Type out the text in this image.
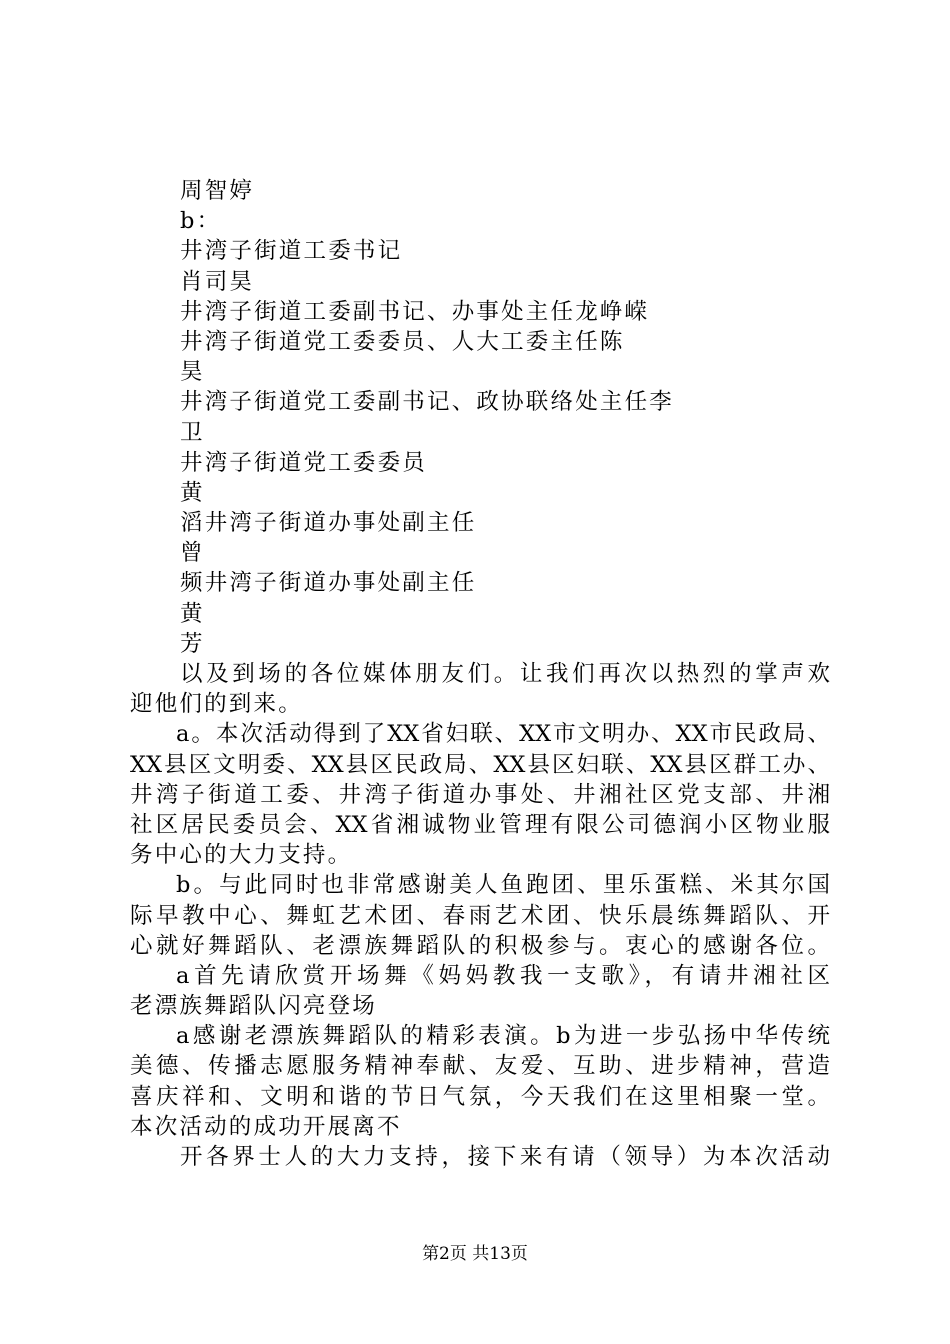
周智婷
b：
井湾子街道工委书记
肖司昊
井湾子街道工委副书记、办事处主任龙峥嵘
井湾子街道党工委委员、人大工委主任陈
昊
井湾子街道党工委副书记、政协联络处主任李
卫
井湾子街道党工委委员
黄
滔井湾子街道办事处副主任
曾
频井湾子街道办事处副主任
黄
芳
以及到场的各位媒体朋友们。让我们再次以热烈的掌声欢
迎他们的到来。
a。本次活动得到了XX省妇联、XX市文明办、XX市民政局、
XX县区文明委、XX县区民政局、XX县区妇联、XX县区群工办、
井湾子街道工委、井湾子街道办事处、井湘社区党支部、井湘
社区居民委员会、XX省湘诚物业管理有限公司德润小区物业服
务中心的大力支持。
b。与此同时也非常感谢美人鱼跑团、里乐蛋糕、米其尔国
际早教中心、舞虹艺术团、春雨艺术团、快乐晨练舞蹈队、开
心就好舞蹈队、老漂族舞蹈队的积极参与。衷心的感谢各位。
a首先请欣赏开场舞《妈妈教我一支歌》，有请井湘社区
老漂族舞蹈队闪亮登场
a感谢老漂族舞蹈队的精彩表演。b为进一步弘扬中华传统
美德、传播志愿服务精神奉献、友爱、互助、进步精神，营造
喜庆祥和、文明和谐的节日气氛，今天我们在这里相聚一堂。
本次活动的成功开展离不
开各界士人的大力支持，接下来有请（领导）为本次活动
第2页 共13页
